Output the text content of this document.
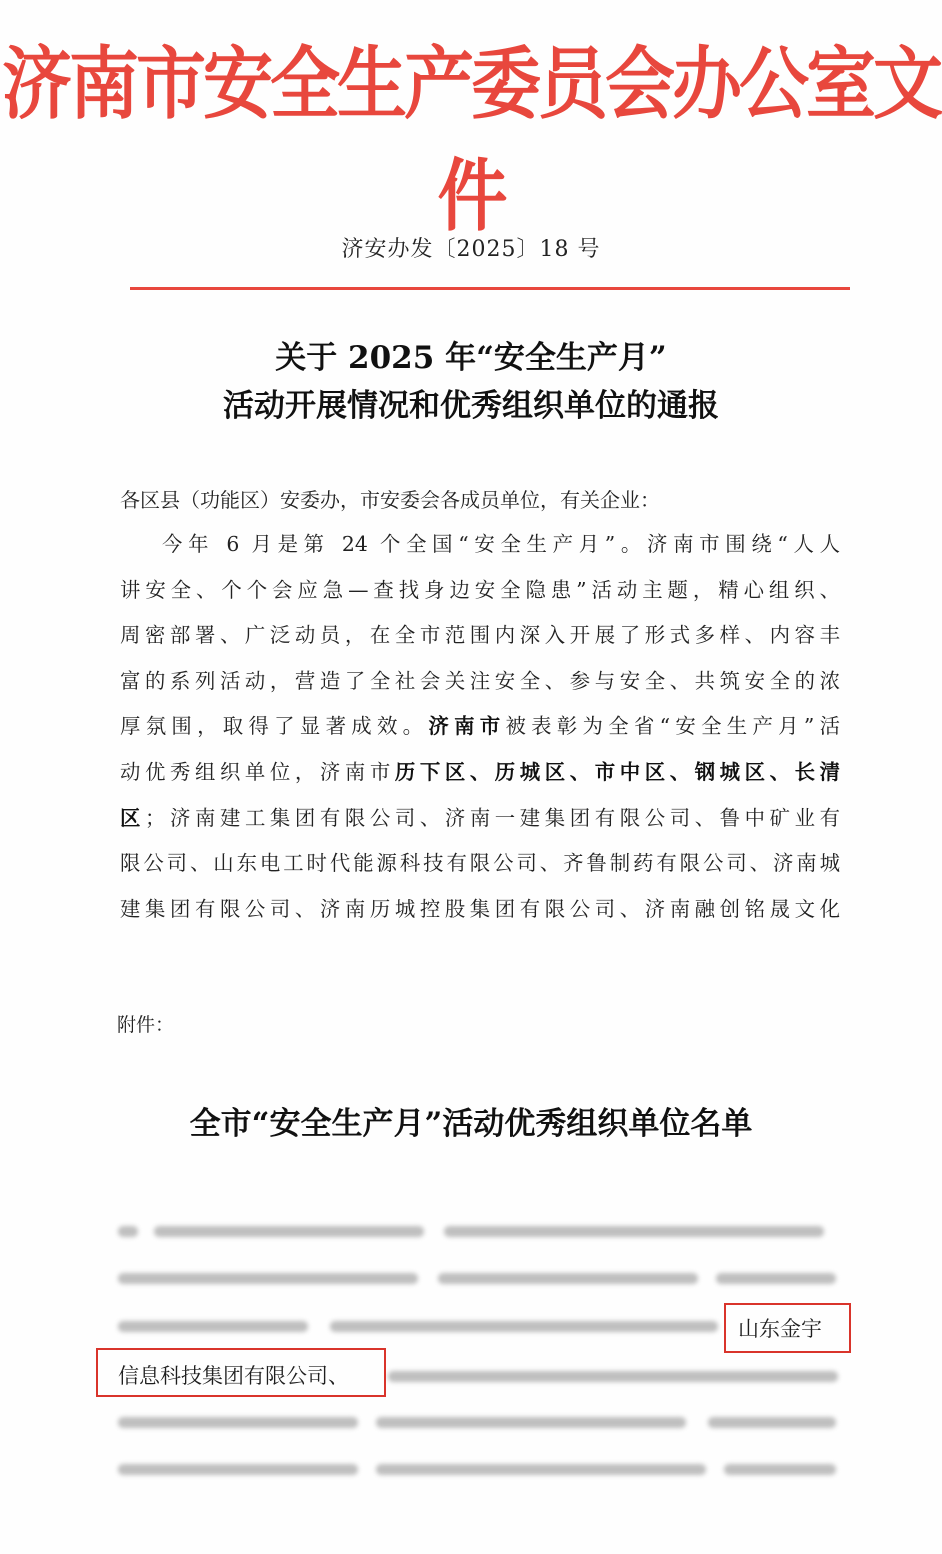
济南市安全生产委员会办公室文件
济安办发〔2025〕18 号
关于 2025 年“安全生产月”
活动开展情况和优秀组织单位的通报
各区县（功能区）安委办，市安委会各成员单位，有关企业：
今年 6 月是第 24 个全国“安全生产月”。济南市围绕“人人
讲安全、个个会应急—查找身边安全隐患”活动主题，精心组织、
周密部署、广泛动员，在全市范围内深入开展了形式多样、内容丰
富的系列活动，营造了全社会关注安全、参与安全、共筑安全的浓
厚氛围，取得了显著成效。济南市被表彰为全省“安全生产月”活
动优秀组织单位，济南市历下区、历城区、市中区、钢城区、长清
区；济南建工集团有限公司、济南一建集团有限公司、鲁中矿业有
限公司、山东电工时代能源科技有限公司、齐鲁制药有限公司、济南城
建集团有限公司、济南历城控股集团有限公司、济南融创铭晟文化
附件：
全市“安全生产月”活动优秀组织单位名单
山东金宇
信息科技集团有限公司、
